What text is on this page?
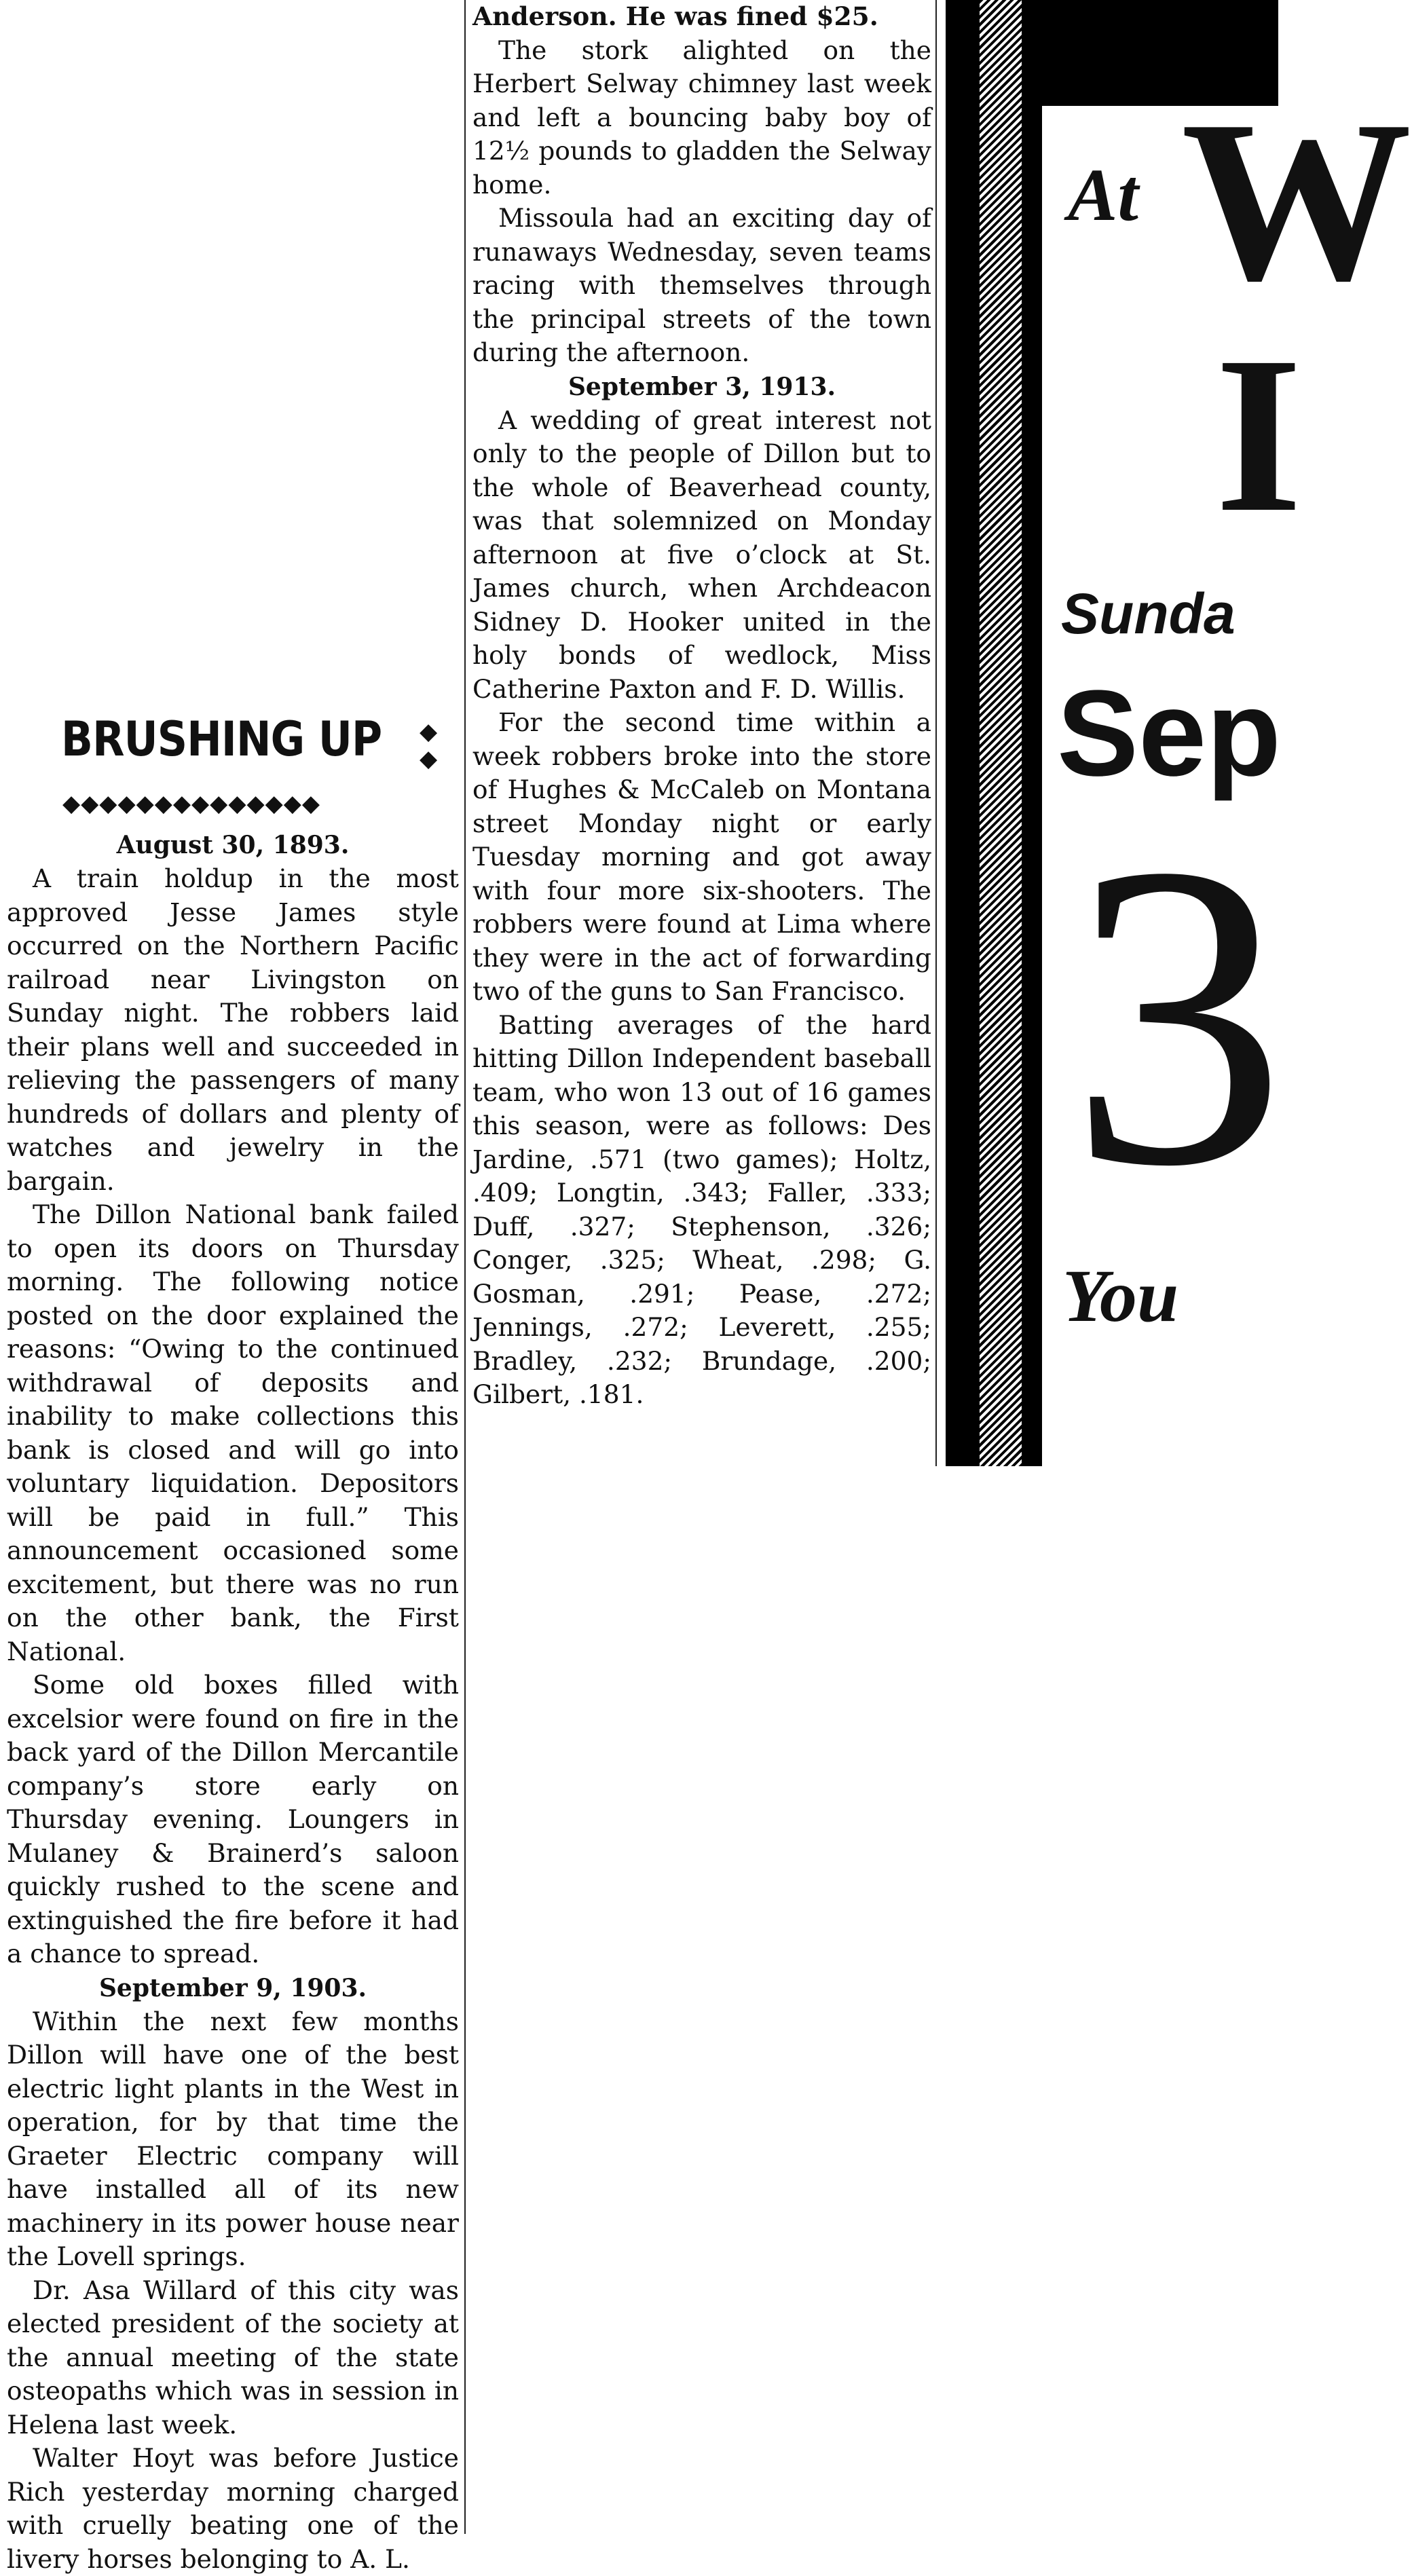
BRUSHING UP	◆
◆
◆◆◆◆◆◆◆◆◆◆◆◆◆◆
August 30, 1893.

A train holdup in the most approved Jesse James style occurred on the Northern Pacific railroad near Livingston on Sunday night. The robbers laid their plans well and succeeded in relieving the passengers of many hundreds of dollars and plenty of watches and jewelry in the bargain.

The Dillon National bank failed to open its doors on Thursday morning. The following notice posted on the door explained the reasons: “Owing to the continued withdrawal of deposits and inability to make collections this bank is closed and will go into voluntary liquidation. Depositors will be paid in full.” This announcement occasioned some excitement, but there was no run on the other bank, the First National.

Some old boxes filled with excelsior were found on fire in the back yard of the Dillon Mercantile company’s store early on Thursday evening. Loungers in Mulaney & Brainerd’s saloon quickly rushed to the scene and extinguished the fire before it had a chance to spread.

September 9, 1903.

Within the next few months Dillon will have one of the best electric light plants in the West in operation, for by that time the Graeter Electric company will have installed all of its new machinery in its power house near the Lovell springs.

Dr. Asa Willard of this city was elected president of the society at the annual meeting of the state osteopaths which was in session in Helena last week.

Walter Hoyt was before Justice Rich yesterday morning charged with cruelly beating one of the livery horses belonging to A. L.

Anderson. He was fined $25.

The stork alighted on the Herbert Selway chimney last week and left a bouncing baby boy of 12½ pounds to gladden the Selway home.

Missoula had an exciting day of runaways Wednesday, seven teams racing with themselves through the principal streets of the town during the afternoon.

September 3, 1913.

A wedding of great interest not only to the people of Dillon but to the whole of Beaverhead county, was that solemnized on Monday afternoon at five o’clock at St. James church, when Archdeacon Sidney D. Hooker united in the holy bonds of wedlock, Miss Catherine Paxton and F. D. Willis.

For the second time within a week robbers broke into the store of Hughes & McCaleb on Montana street Monday night or early Tuesday morning and got away with four more six-shooters. The robbers were found at Lima where they were in the act of forwarding two of the guns to San Francisco.

Batting averages of the hard hitting Dillon Independent baseball team, who won 13 out of 16 games this season, were as follows: Des Jardine, .571 (two games); Holtz, .409; Longtin, .343; Faller, .333; Duff, .327; Stephenson, .326; Conger, .325; Wheat, .298; G. Gosman, .291; Pease, .272; Jennings, .272; Leverett, .255; Bradley, .232; Brundage, .200; Gilbert, .181.

At W
I
Sunda
Sep
3
You
